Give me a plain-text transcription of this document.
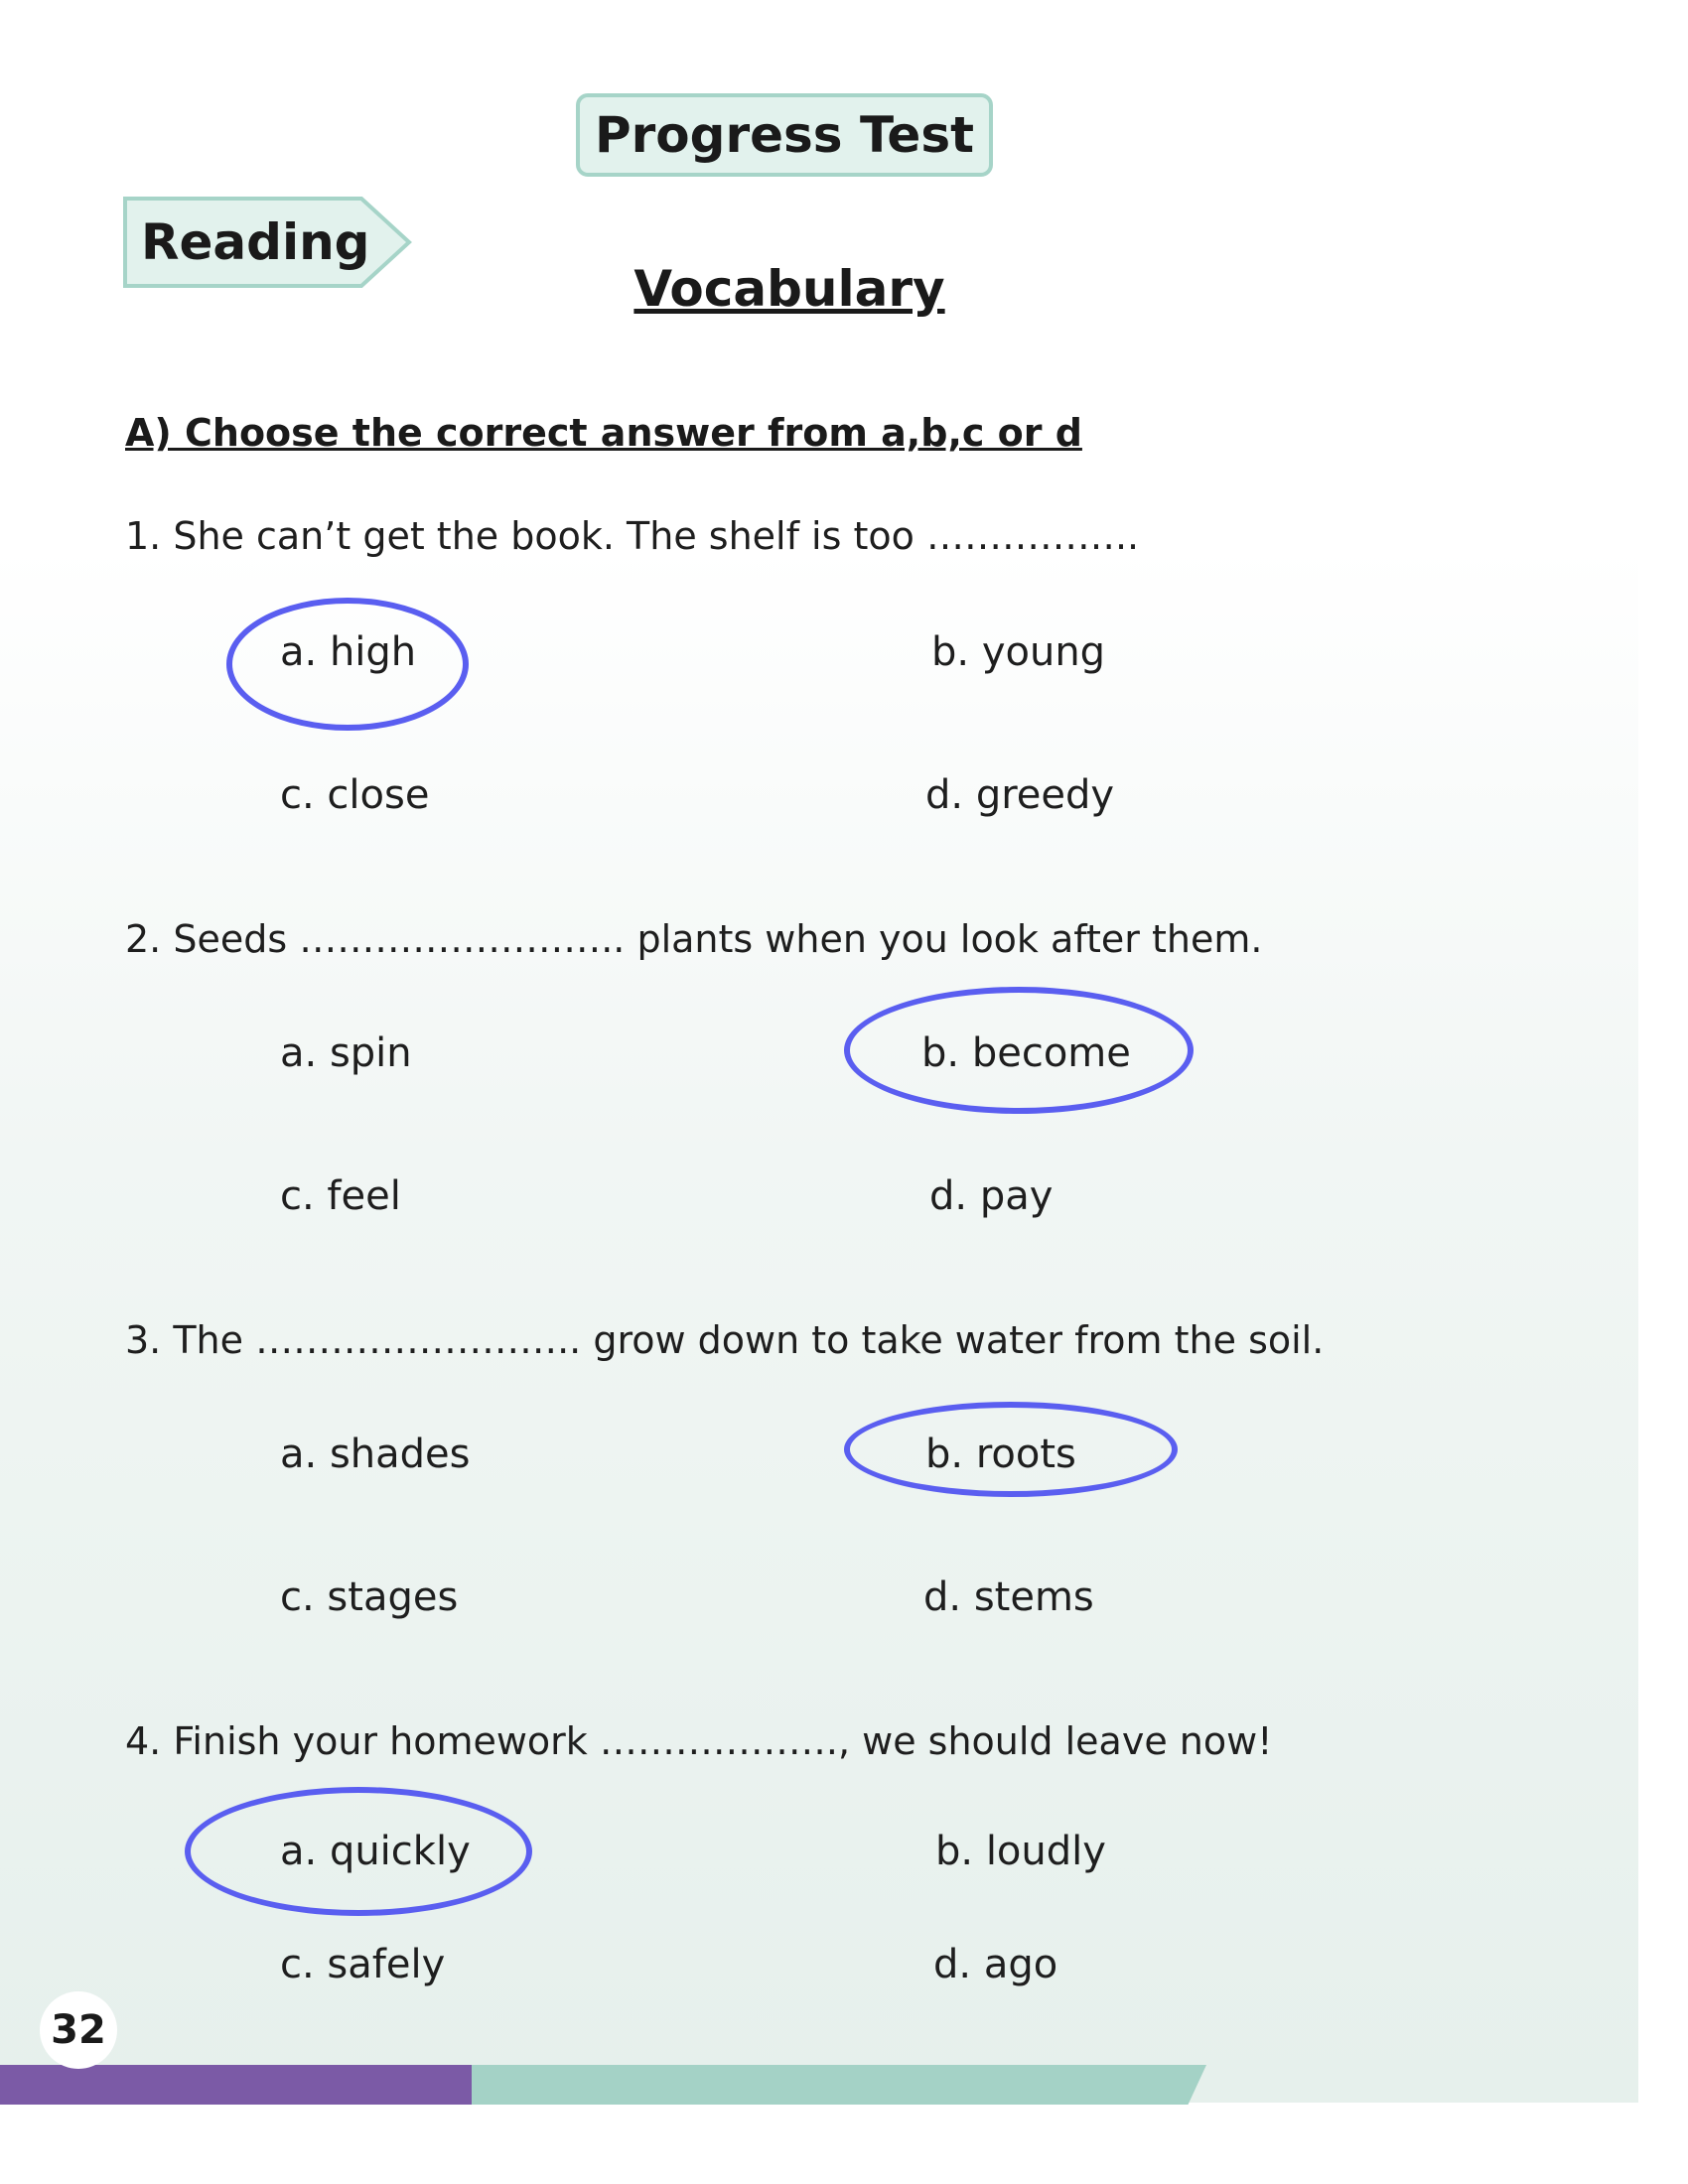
Progress Test
Reading
Vocabulary
A) Choose the correct answer from a,b,c or d
1. She can’t get the book. The shelf is too ……………..
a. high	b. young
c. close	d. greedy
2. Seeds …………………….. plants when you look after them.
a. spin	b. become
c. feel	d. pay
3. The …………………….. grow down to take water from the soil.
a. shades	b. roots
c. stages	d. stems
4. Finish your homework ………………., we should leave now!
a. quickly	b. loudly
c. safely	d. ago
32
